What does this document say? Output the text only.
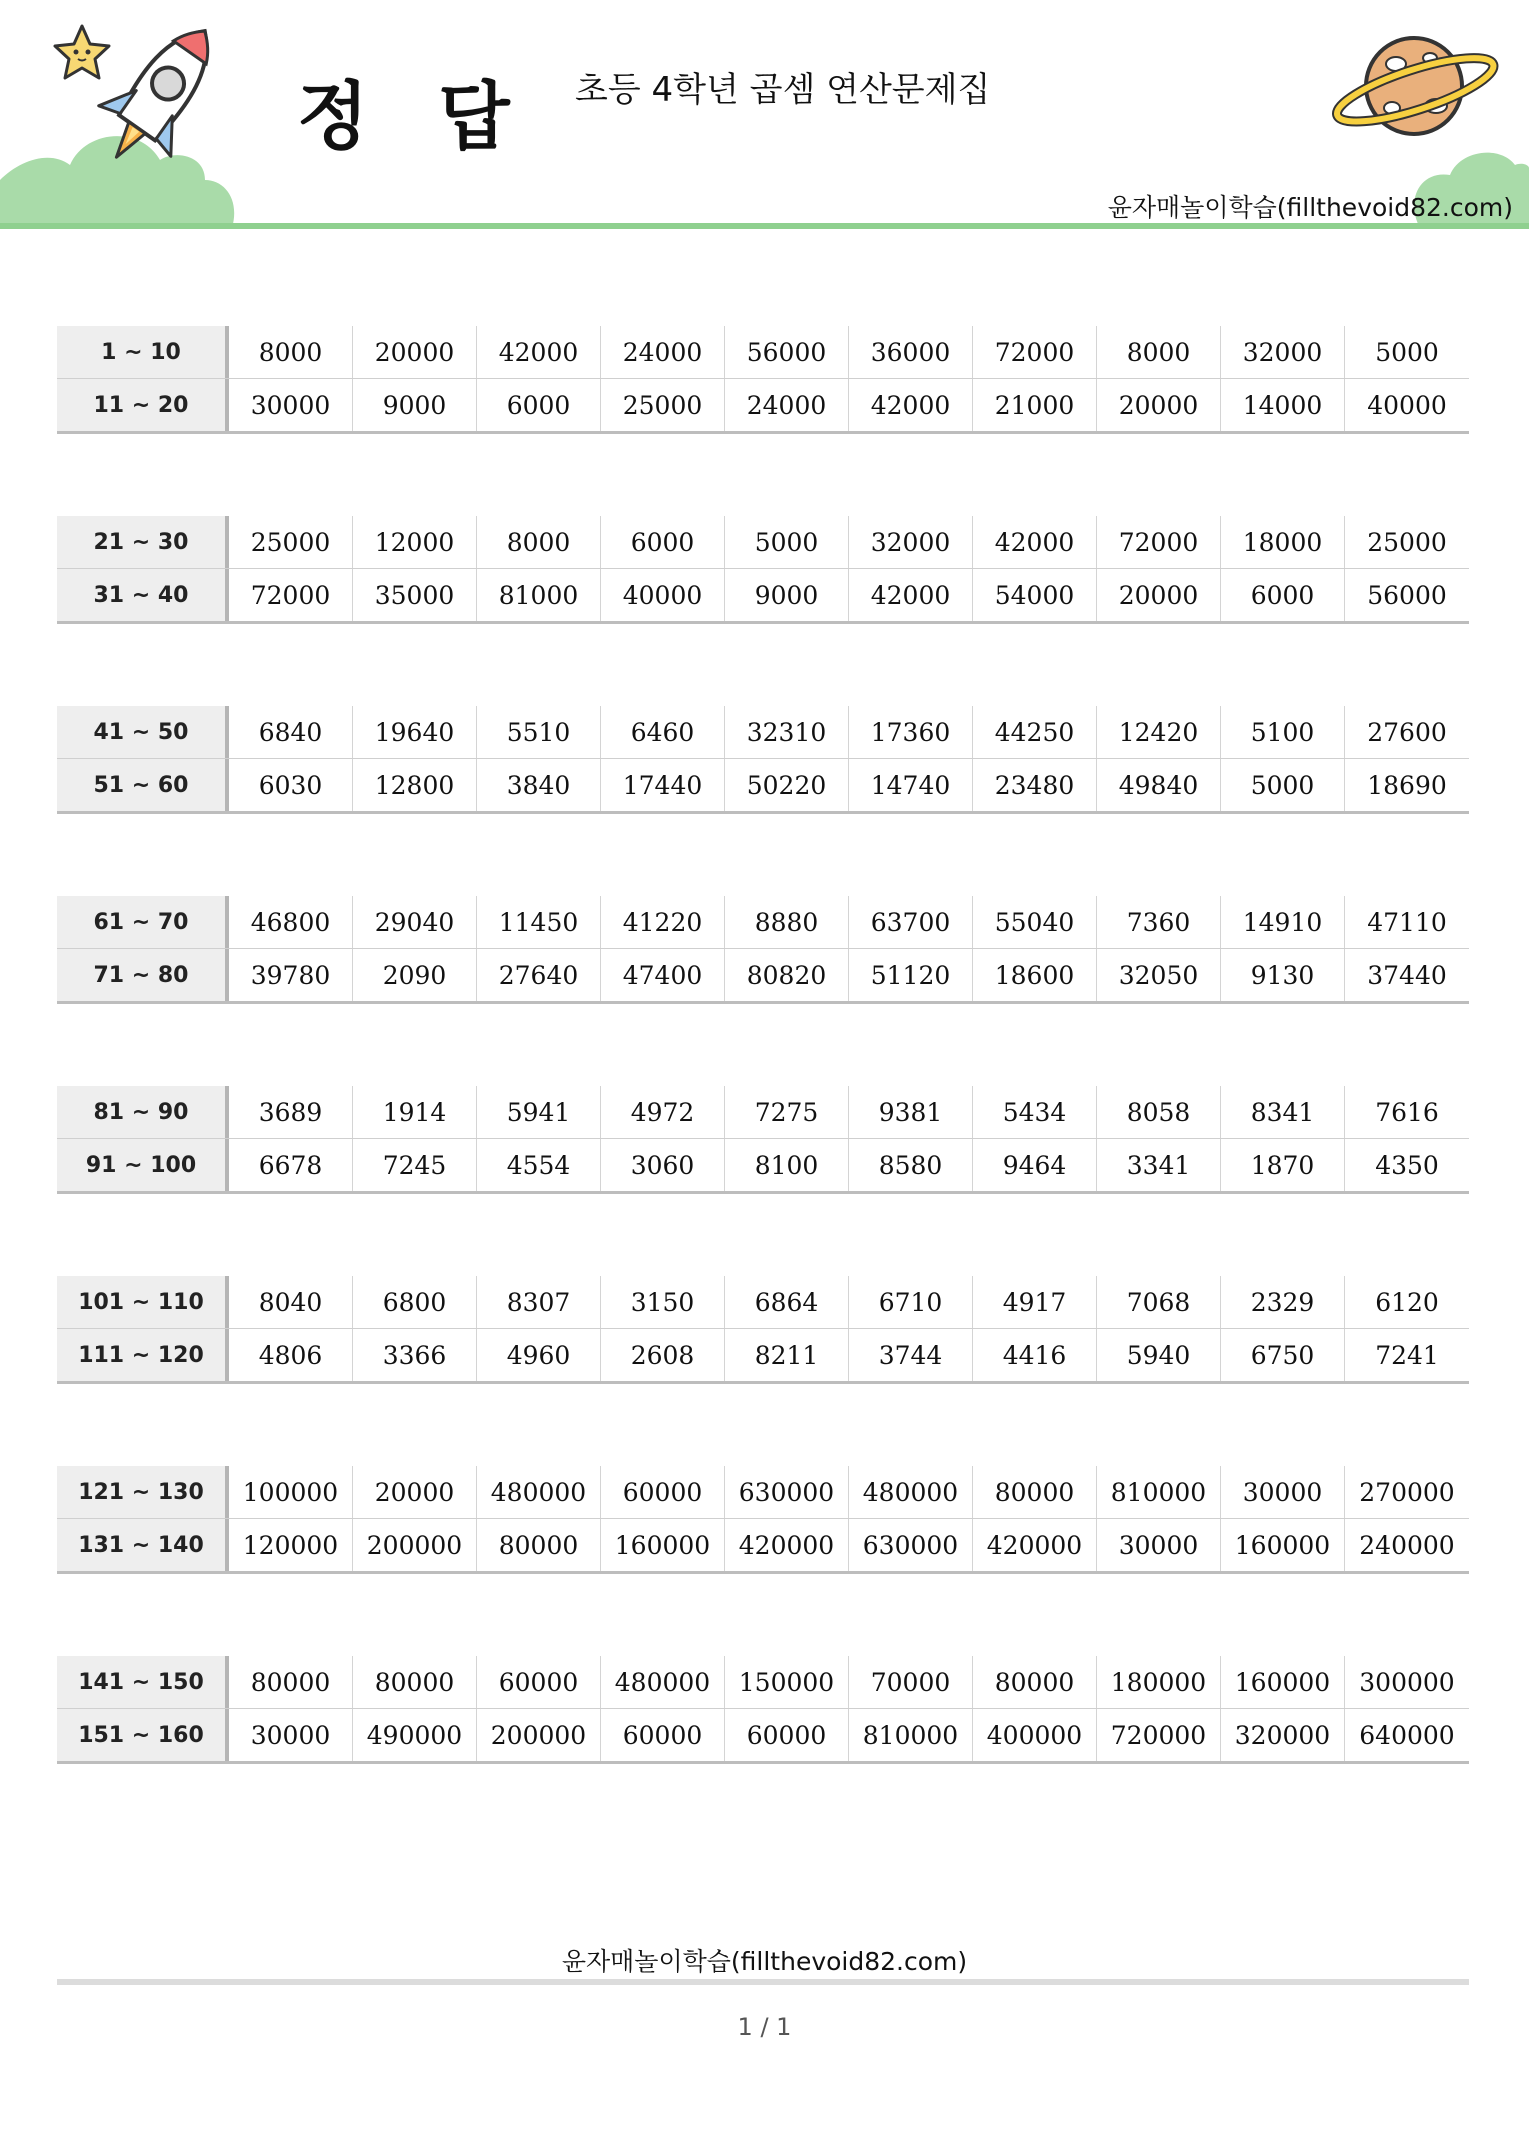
정 답 초등 4학년 곱셈 연산문제집
윤자매놀이학습(fillthevoid82.com)
1 ~ 10	8000	20000	42000	24000	56000	36000	72000	8000	32000	5000
11 ~ 20	30000	9000	6000	25000	24000	42000	21000	20000	14000	40000
21 ~ 30	25000	12000	8000	6000	5000	32000	42000	72000	18000	25000
31 ~ 40	72000	35000	81000	40000	9000	42000	54000	20000	6000	56000
41 ~ 50	6840	19640	5510	6460	32310	17360	44250	12420	5100	27600
51 ~ 60	6030	12800	3840	17440	50220	14740	23480	49840	5000	18690
61 ~ 70	46800	29040	11450	41220	8880	63700	55040	7360	14910	47110
71 ~ 80	39780	2090	27640	47400	80820	51120	18600	32050	9130	37440
81 ~ 90	3689	1914	5941	4972	7275	9381	5434	8058	8341	7616
91 ~ 100	6678	7245	4554	3060	8100	8580	9464	3341	1870	4350
101 ~ 110	8040	6800	8307	3150	6864	6710	4917	7068	2329	6120
111 ~ 120	4806	3366	4960	2608	8211	3744	4416	5940	6750	7241
121 ~ 130	100000	20000	480000	60000	630000	480000	80000	810000	30000	270000
131 ~ 140	120000	200000	80000	160000	420000	630000	420000	30000	160000	240000
141 ~ 150	80000	80000	60000	480000	150000	70000	80000	180000	160000	300000
151 ~ 160	30000	490000	200000	60000	60000	810000	400000	720000	320000	640000
윤자매놀이학습(fillthevoid82.com)
1 / 1
